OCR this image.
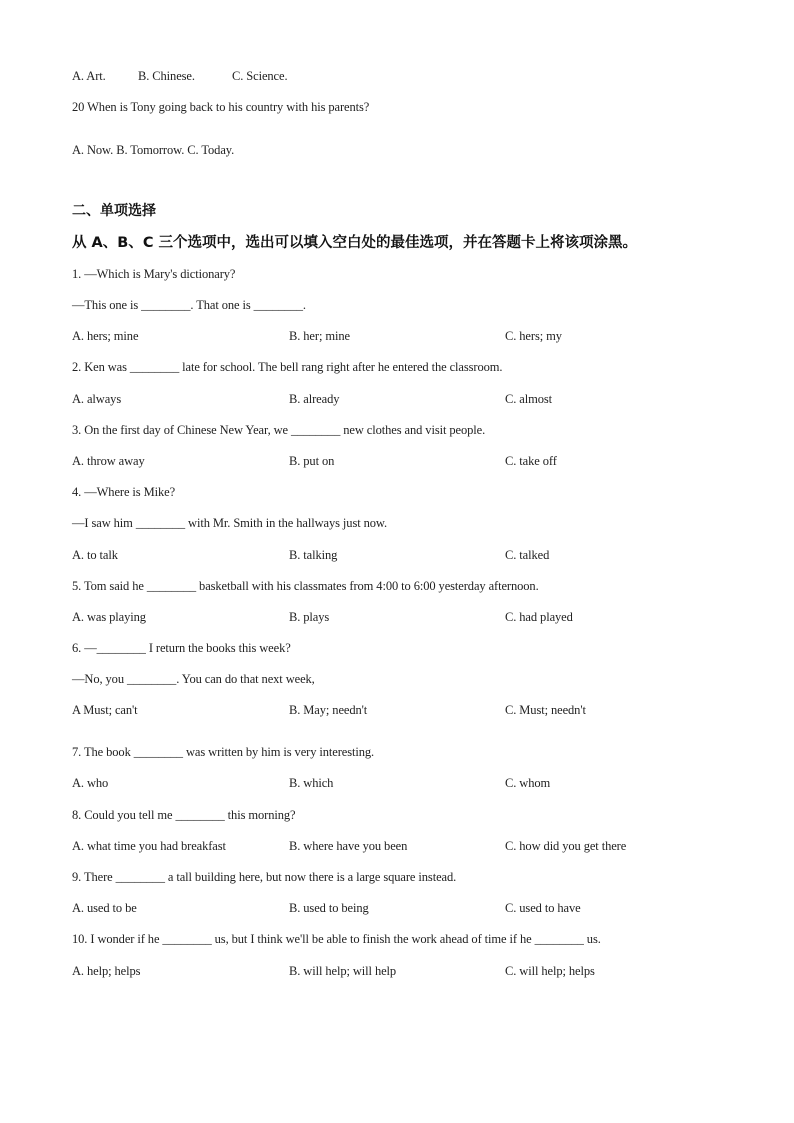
A. Art.	B. Chinese.	C. Science.
20 When is Tony going back to his country with his parents?
A. Now. B. Tomorrow. C. Today.
二、单项选择
从 A、B、C 三个选项中，选出可以填入空白处的最佳选项，并在答题卡上将该项涂黑。
1. —Which is Mary's dictionary?
—This one is ________. That one is ________.
A. hers; mine	B. her; mine	C. hers; my
2. Ken was ________ late for school. The bell rang right after he entered the classroom.
A. always	B. already	C. almost
3. On the first day of Chinese New Year, we ________ new clothes and visit people.
A. throw away	B. put on	C. take off
4. —Where is Mike?
—I saw him ________ with Mr. Smith in the hallways just now.
A. to talk	B. talking	C. talked
5. Tom said he ________ basketball with his classmates from 4:00 to 6:00 yesterday afternoon.
A. was playing	B. plays	C. had played
6. —________ I return the books this week?
—No, you ________. You can do that next week,
A Must; can't	B. May; needn't	C. Must; needn't
7. The book ________ was written by him is very interesting.
A. who	B. which	C. whom
8. Could you tell me ________ this morning?
A. what time you had breakfast	B. where have you been	C. how did you get there
9. There ________ a tall building here, but now there is a large square instead.
A. used to be	B. used to being	C. used to have
10. I wonder if he ________ us, but I think we'll be able to finish the work ahead of time if he ________ us.
A. help; helps	B. will help; will help	C. will help; helps
